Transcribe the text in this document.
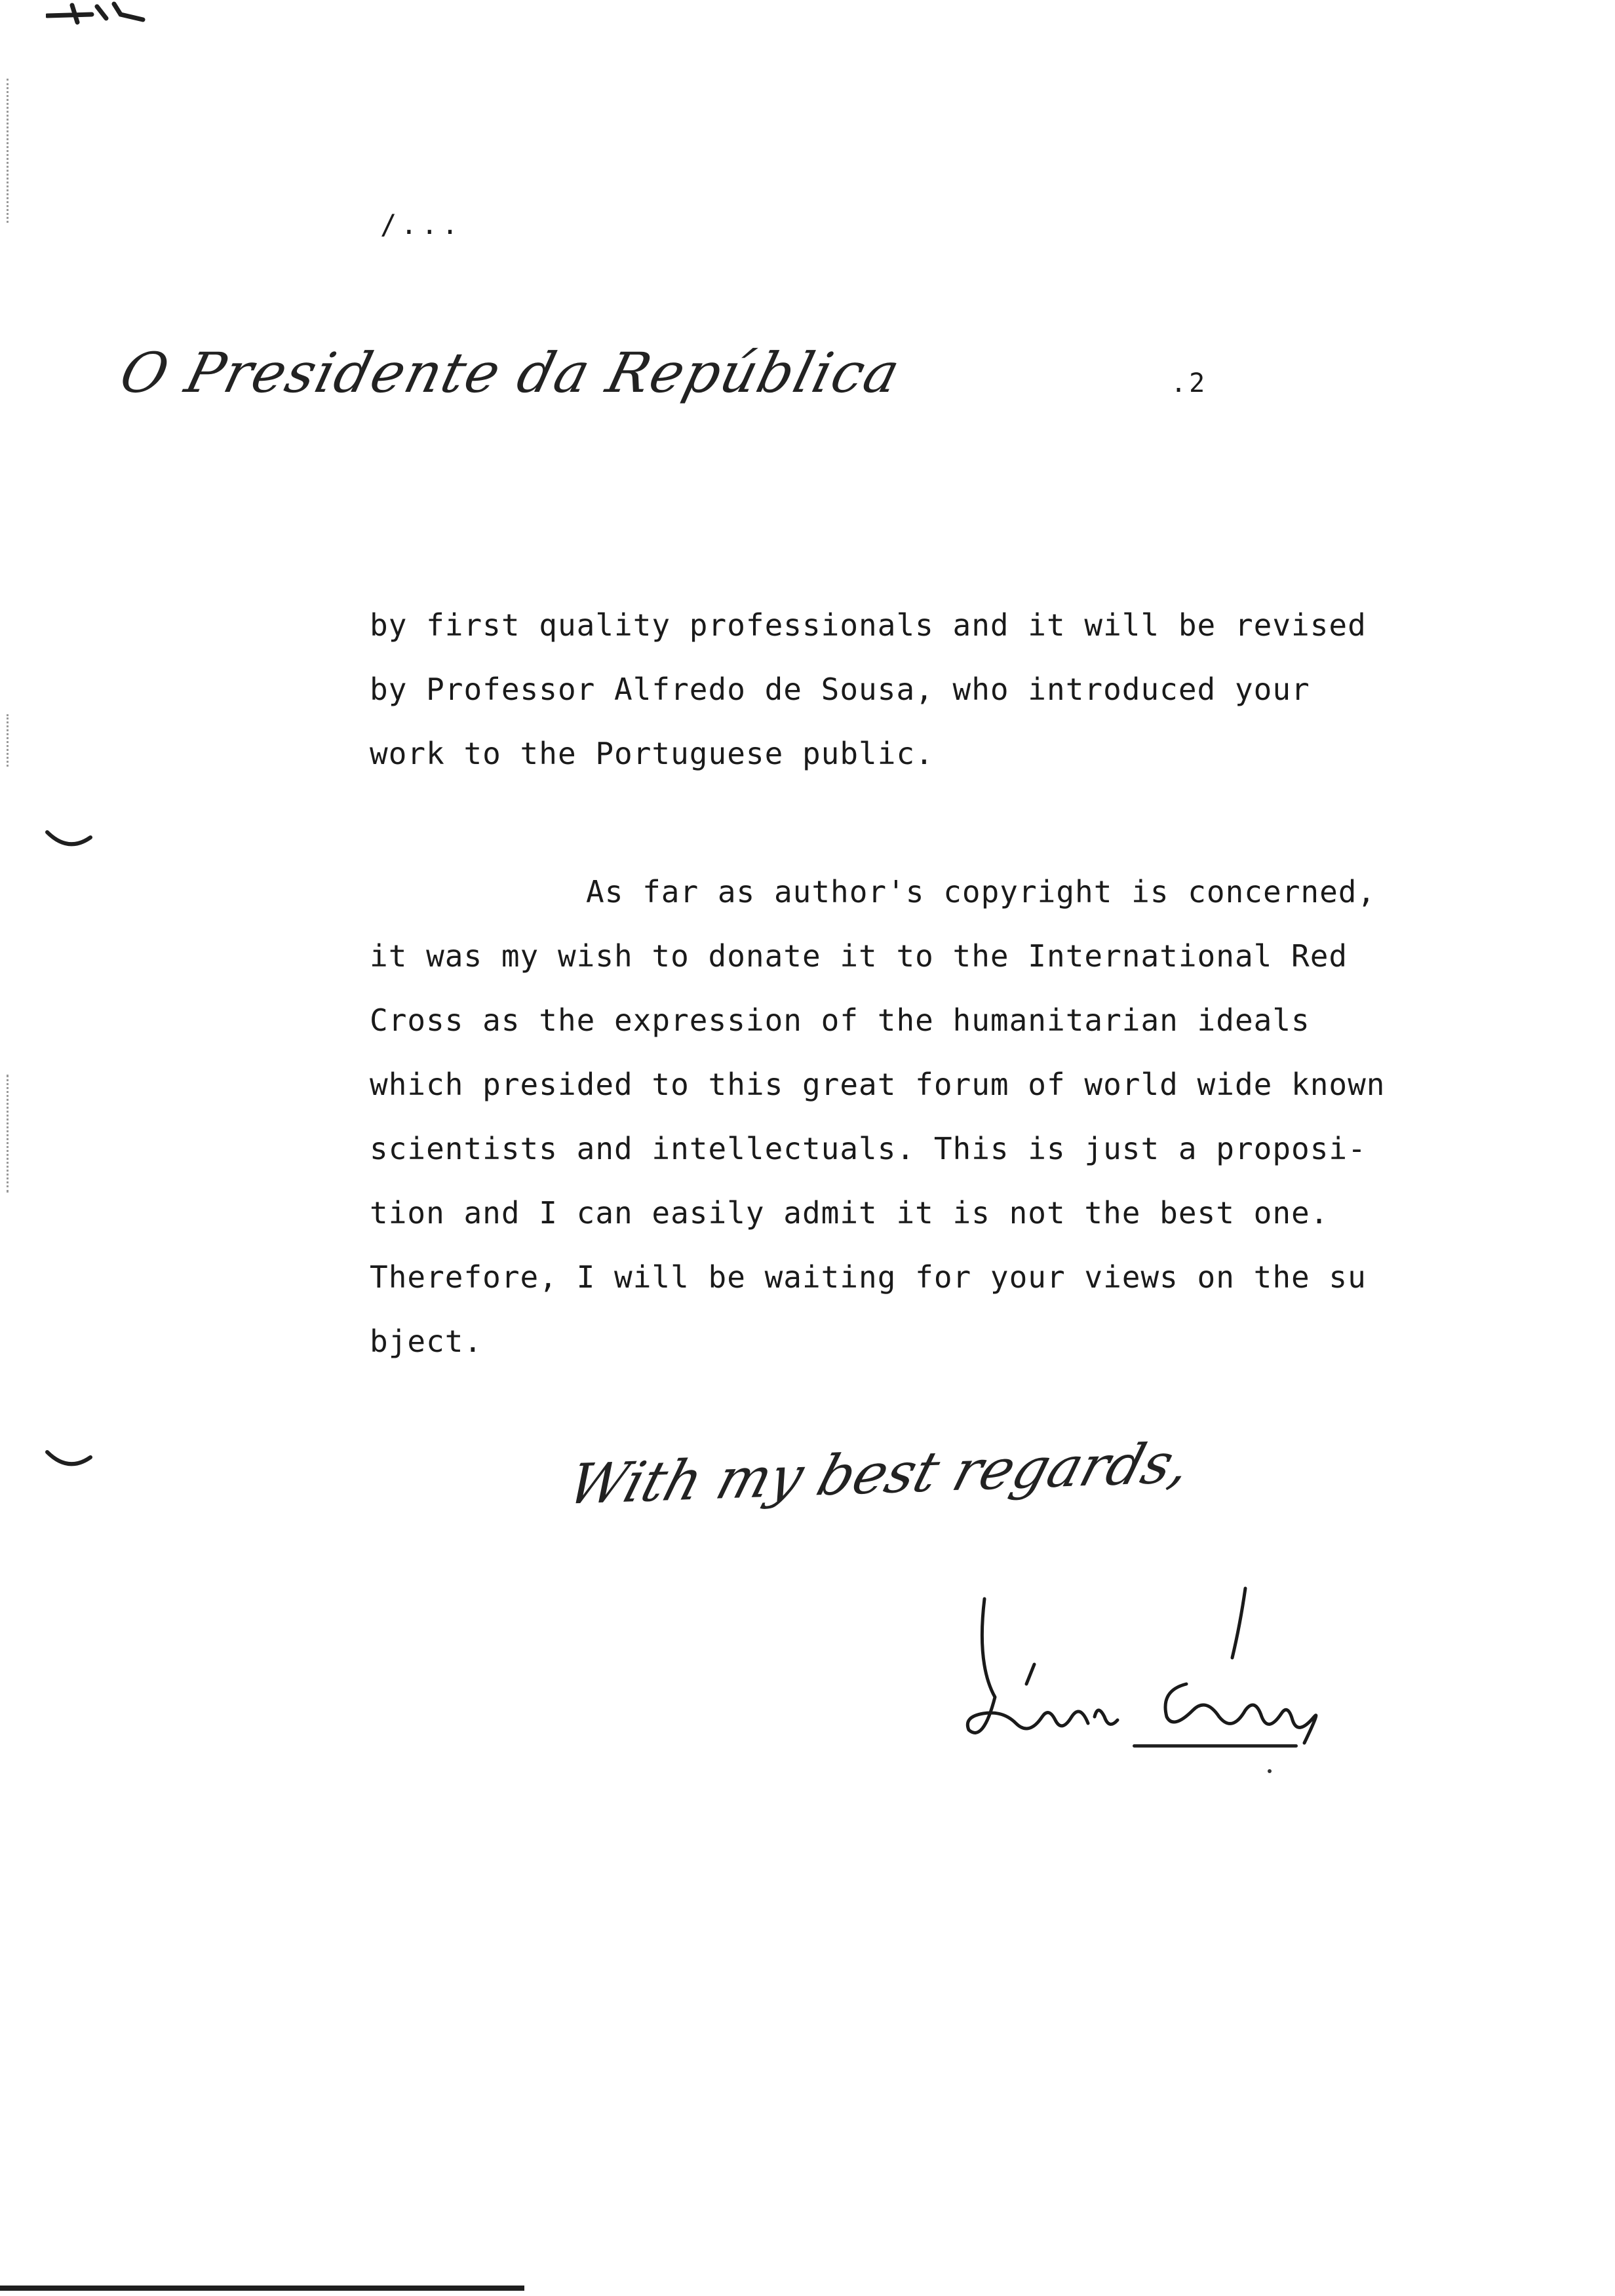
/...
O Presidente da República	.2
by first quality professionals and it will be revised
by Professor Alfredo de Sousa, who introduced your
work to the Portuguese public.
As far as author's copyright is concerned,
it was my wish to donate it to the International Red
Cross as the expression of the humanitarian ideals
which presided to this great forum of world wide known
scientists and intellectuals. This is just a proposi-
tion and I can easily admit it is not the best one.
Therefore, I will be waiting for your views on the su
bject.
With my best regards,
